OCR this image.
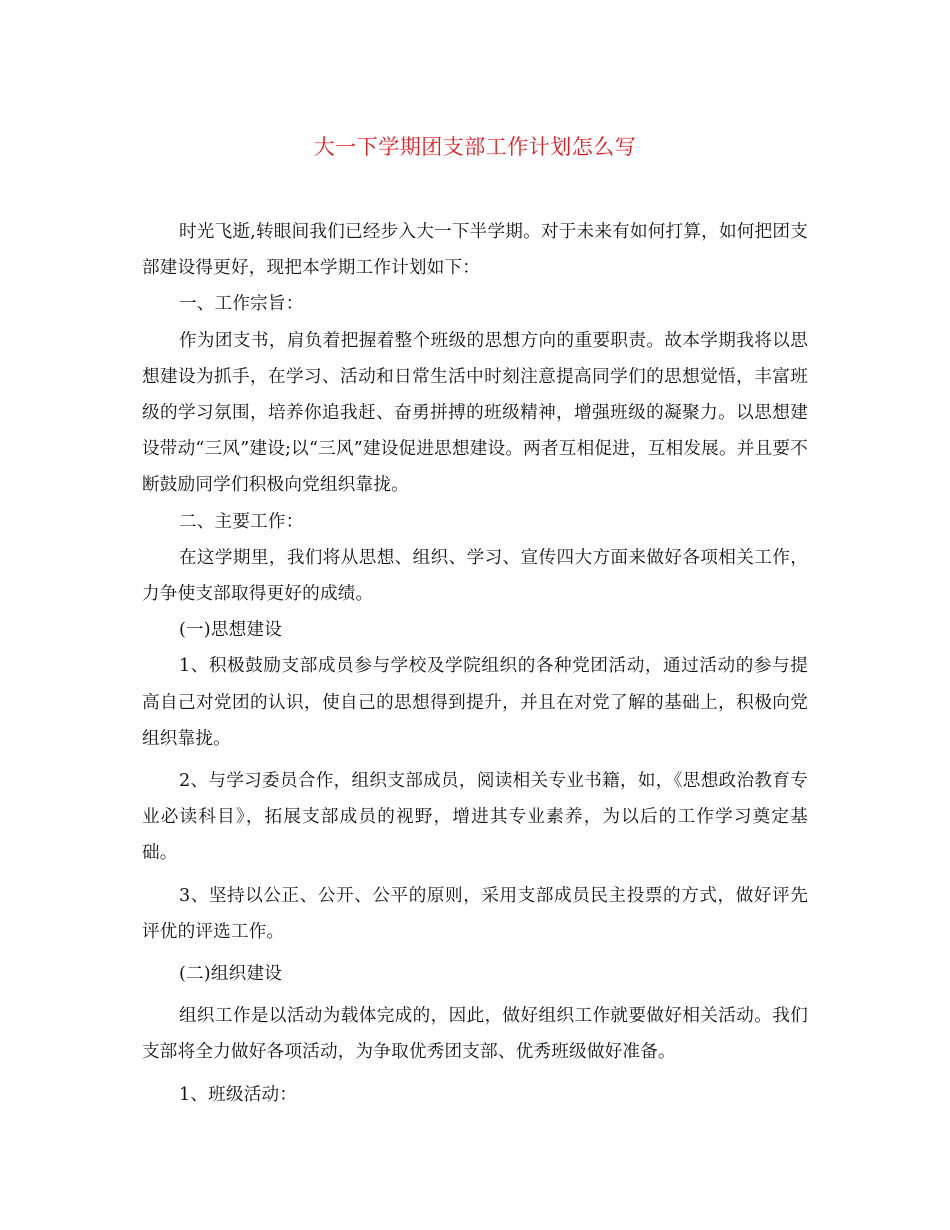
大一下学期团支部工作计划怎么写

时光飞逝,转眼间我们已经步入大一下半学期。对于未来有如何打算，如何把团支部建设得更好，现把本学期工作计划如下：

一、工作宗旨：

作为团支书，肩负着把握着整个班级的思想方向的重要职责。故本学期我将以思想建设为抓手，在学习、活动和日常生活中时刻注意提高同学们的思想觉悟，丰富班级的学习氛围，培养你追我赶、奋勇拼搏的班级精神，增强班级的凝聚力。以思想建设带动“三风”建设;以“三风”建设促进思想建设。两者互相促进，互相发展。并且要不断鼓励同学们积极向党组织靠拢。

二、主要工作：

在这学期里，我们将从思想、组织、学习、宣传四大方面来做好各项相关工作，力争使支部取得更好的成绩。

(一)思想建设

1、积极鼓励支部成员参与学校及学院组织的各种党团活动，通过活动的参与提高自己对党团的认识，使自己的思想得到提升，并且在对党了解的基础上，积极向党组织靠拢。

2、与学习委员合作，组织支部成员，阅读相关专业书籍，如，《思想政治教育专业必读科目》，拓展支部成员的视野，增进其专业素养，为以后的工作学习奠定基础。

3、坚持以公正、公开、公平的原则，采用支部成员民主投票的方式，做好评先评优的评选工作。

(二)组织建设

组织工作是以活动为载体完成的，因此，做好组织工作就要做好相关活动。我们支部将全力做好各项活动，为争取优秀团支部、优秀班级做好准备。

1、班级活动：
